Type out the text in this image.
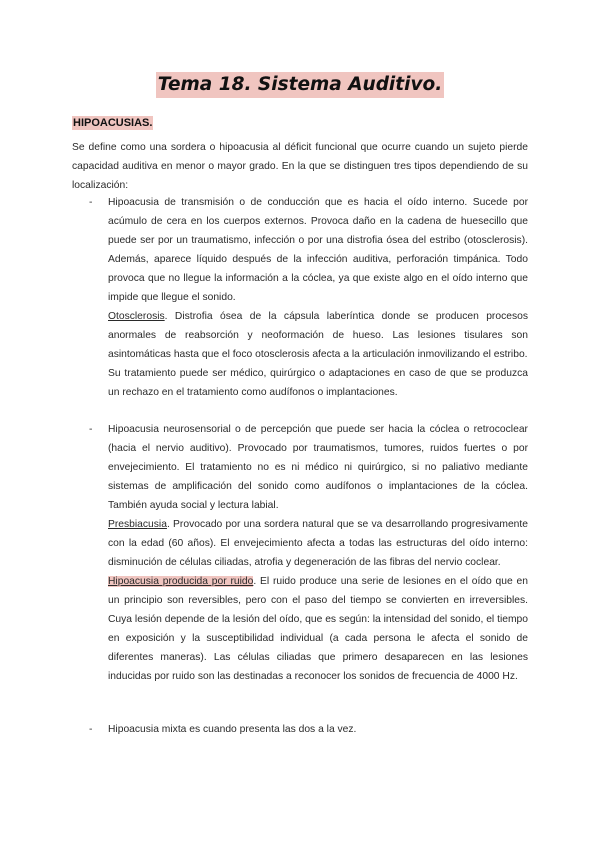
Tema 18. Sistema Auditivo.
HIPOACUSIAS.
Se define como una sordera o hipoacusia al déficit funcional que ocurre cuando un sujeto pierde capacidad auditiva en menor o mayor grado. En la que se distinguen tres tipos dependiendo de su localización:
- Hipoacusia de transmisión o de conducción que es hacia el oído interno. Sucede por acúmulo de cera en los cuerpos externos. Provoca daño en la cadena de huesecillo que puede ser por un traumatismo, infección o por una distrofia ósea del estribo (otosclerosis). Además, aparece líquido después de la infección auditiva, perforación timpánica. Todo provoca que no llegue la información a la cóclea, ya que existe algo en el oído interno que impide que llegue el sonido.

Otosclerosis. Distrofia ósea de la cápsula laberíntica donde se producen procesos anormales de reabsorción y neoformación de hueso. Las lesiones tisulares son asintomáticas hasta que el foco otosclerosis afecta a la articulación inmovilizando el estribo.

Su tratamiento puede ser médico, quirúrgico o adaptaciones en caso de que se produzca un rechazo en el tratamiento como audífonos o implantaciones.

- Hipoacusia neurosensorial o de percepción que puede ser hacia la cóclea o retrococlear (hacia el nervio auditivo). Provocado por traumatismos, tumores, ruidos fuertes o por envejecimiento. El tratamiento no es ni médico ni quirúrgico, si no paliativo mediante sistemas de amplificación del sonido como audífonos o implantaciones de la cóclea. También ayuda social y lectura labial.

Presbiacusia. Provocado por una sordera natural que se va desarrollando progresivamente con la edad (60 años). El envejecimiento afecta a todas las estructuras del oído interno: disminución de células ciliadas, atrofia y degeneración de las fibras del nervio coclear.

Hipoacusia producida por ruido. El ruido produce una serie de lesiones en el oído que en un principio son reversibles, pero con el paso del tiempo se convierten en irreversibles. Cuya lesión depende de la lesión del oído, que es según: la intensidad del sonido, el tiempo en exposición y la susceptibilidad individual (a cada persona le afecta el sonido de diferentes maneras). Las células ciliadas que primero desaparecen en las lesiones inducidas por ruido son las destinadas a reconocer los sonidos de frecuencia de 4000 Hz.

- Hipoacusia mixta es cuando presenta las dos a la vez.
